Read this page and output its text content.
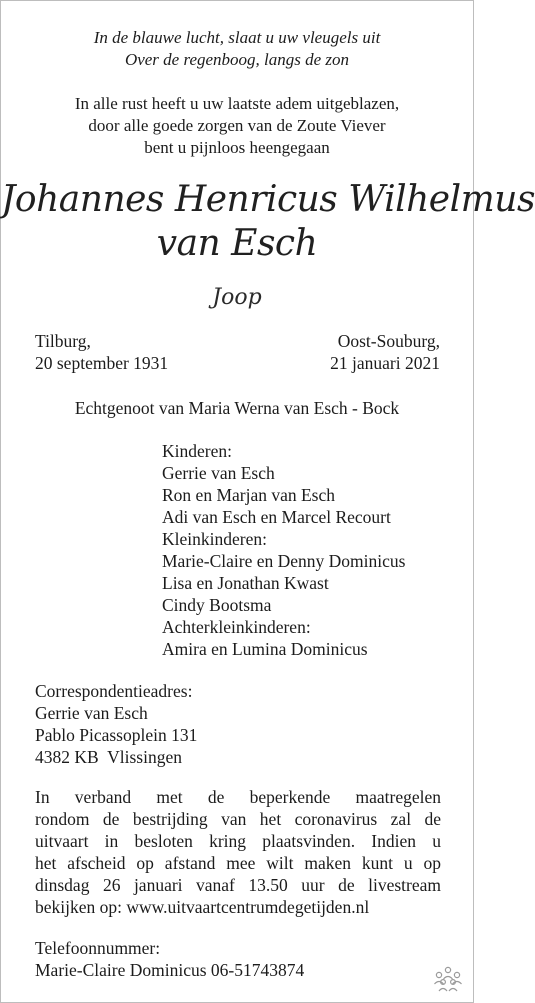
In de blauwe lucht, slaat u uw vleugels uit
Over de regenboog, langs de zon
In alle rust heeft u uw laatste adem uitgeblazen,
door alle goede zorgen van de Zoute Viever
bent u pijnloos heengegaan
Johannes Henricus Wilhelmus
van Esch
Joop
Tilburg,
20 september 1931
Oost-Souburg,
21 januari 2021
Echtgenoot van Maria Werna van Esch - Bock
Kinderen:
Gerrie van Esch
Ron en Marjan van Esch
Adi van Esch en Marcel Recourt
Kleinkinderen:
Marie-Claire en Denny Dominicus
Lisa en Jonathan Kwast
Cindy Bootsma
Achterkleinkinderen:
Amira en Lumina Dominicus
Correspondentieadres:
Gerrie van Esch
Pablo Picassoplein 131
4382 KB  Vlissingen
In verband met de beperkende maatregelen
rondom de bestrijding van het coronavirus zal de
uitvaart in besloten kring plaatsvinden. Indien u
het afscheid op afstand mee wilt maken kunt u op
dinsdag 26 januari vanaf 13.50 uur de livestream
bekijken op: www.uitvaartcentrumdegetijden.nl
Telefoonnummer:
Marie-Claire Dominicus 06-51743874
